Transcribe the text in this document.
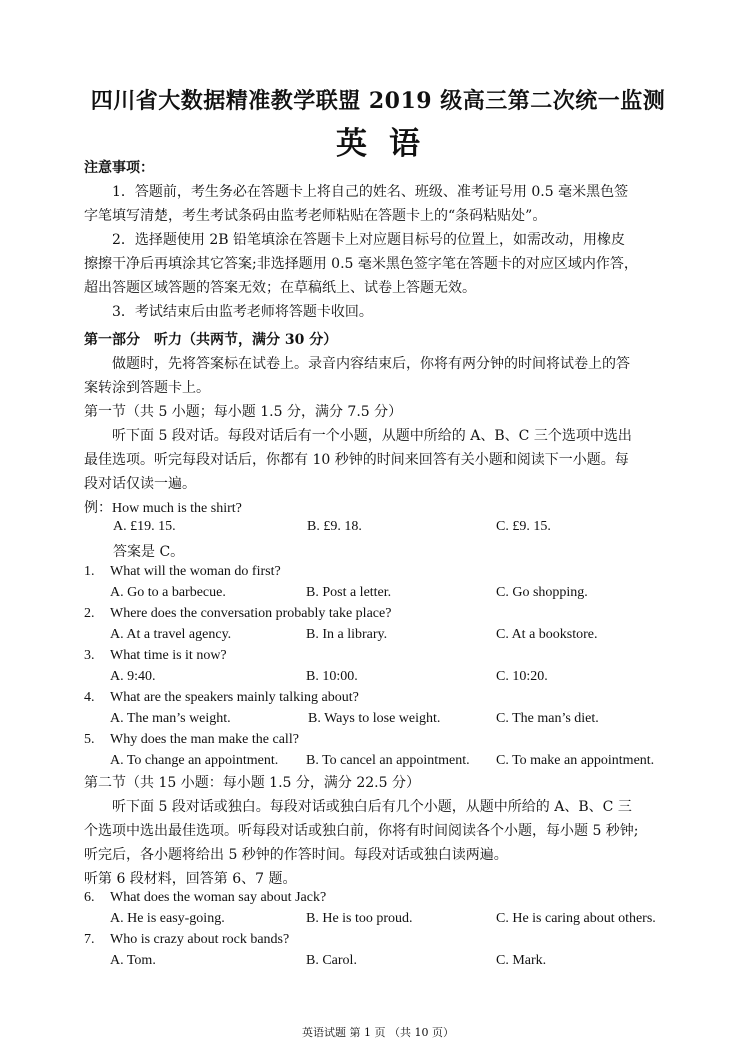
四川省大数据精准教学联盟 2019 级高三第二次统一监测
英语

注意事项：

1．答题前，考生务必在答题卡上将自己的姓名、班级、准考证号用 0.5 毫米黑色签

字笔填写清楚，考生考试条码由监考老师粘贴在答题卡上的“条码粘贴处”。

2．选择题使用 2B 铅笔填涂在答题卡上对应题目标号的位置上，如需改动，用橡皮

擦擦干净后再填涂其它答案;非选择题用 0.5 毫米黑色签字笔在答题卡的对应区域内作答，

超出答题区域答题的答案无效；在草稿纸上、试卷上答题无效。

3．考试结束后由监考老师将答题卡收回。

第一部分　听力（共两节，满分 30 分）

做题时，先将答案标在试卷上。录音内容结束后，你将有两分钟的时间将试卷上的答

案转涂到答题卡上。

第一节（共 5 小题；每小题 1.5 分，满分 7.5 分）

听下面 5 段对话。每段对话后有一个小题，从题中所给的 A、B、C 三个选项中选出

最佳选项。听完每段对话后，你都有 10 秒钟的时间来回答有关小题和阅读下一小题。每

段对话仅读一遍。

例：How much is the shirt?
A. £19. 15.	B. £9. 18.	C. £9. 15.
答案是 C。
1. What will the woman do first?
A. Go to a barbecue.	B. Post a letter.	C. Go shopping.
2. Where does the conversation probably take place?
A. At a travel agency.	B. In a library.	C. At a bookstore.
3. What time is it now?
A. 9:40.	B. 10:00.	C. 10:20.
4. What are the speakers mainly talking about?
A. The man’s weight.	B. Ways to lose weight.	C. The man’s diet.
5. Why does the man make the call?
A. To change an appointment. B. To cancel an appointment. C. To make an appointment.

第二节（共 15 小题：每小题 1.5 分，满分 22.5 分）

听下面 5 段对话或独白。每段对话或独白后有几个小题，从题中所给的 A、B、C 三

个选项中选出最佳选项。听每段对话或独白前，你将有时间阅读各个小题，每小题 5 秒钟;

听完后，各小题将给出 5 秒钟的作答时间。每段对话或独白读两遍。

听第 6 段材料，回答第 6、7 题。

6. What does the woman say about Jack?
A. He is easy-going.	B. He is too proud.	C. He is caring about others.
7. Who is crazy about rock bands?
A. Tom.	B. Carol.	C. Mark.
英语试题 第 1 页 （共 10 页）
